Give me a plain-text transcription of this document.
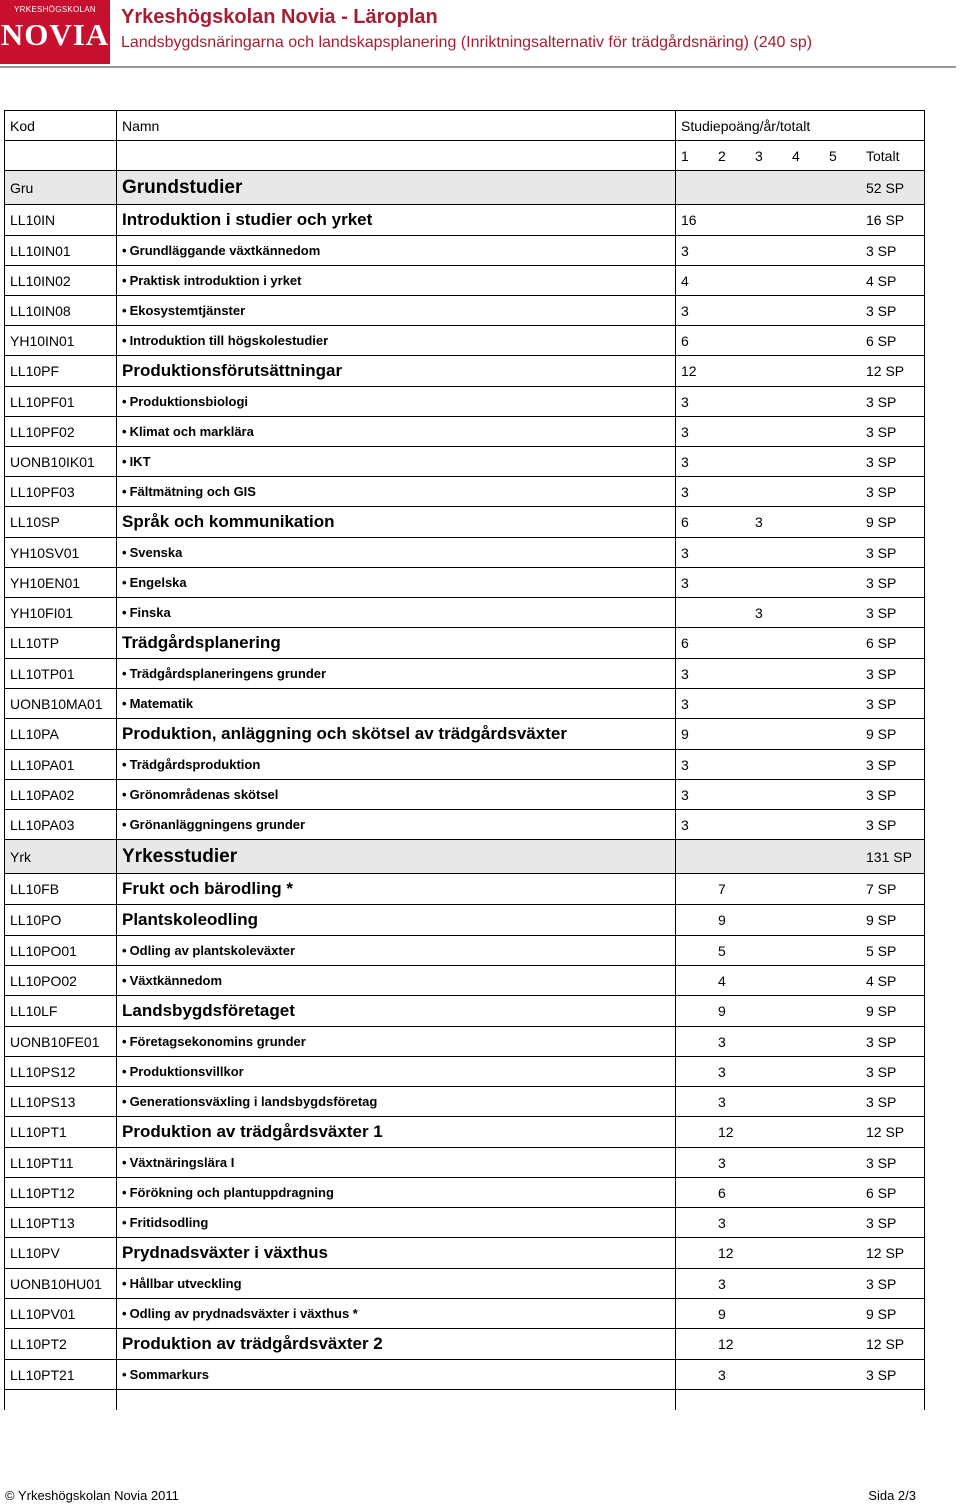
YRKESHÖGSKOLAN
NOVIA Yrkeshögskolan Novia - Läroplan
Landsbygdsnäringarna och landskapsplanering (Inriktningsalternativ för trädgårdsnäring) (240 sp)
Kod	Namn	Studiepoäng/år/totalt					
		1	2	3	4	5	Totalt
Gru	Grundstudier						52 SP
LL10IN	Introduktion i studier och yrket	16					16 SP
LL10IN01	• Grundläggande växtkännedom	3					3 SP
LL10IN02	• Praktisk introduktion i yrket	4					4 SP
LL10IN08	• Ekosystemtjänster	3					3 SP
YH10IN01	• Introduktion till högskolestudier	6					6 SP
LL10PF	Produktionsförutsättningar	12					12 SP
LL10PF01	• Produktionsbiologi	3					3 SP
LL10PF02	• Klimat och marklära	3					3 SP
UONB10IK01	• IKT	3					3 SP
LL10PF03	• Fältmätning och GIS	3					3 SP
LL10SP	Språk och kommunikation	6		3			9 SP
YH10SV01	• Svenska	3					3 SP
YH10EN01	• Engelska	3					3 SP
YH10FI01	• Finska			3			3 SP
LL10TP	Trädgårdsplanering	6					6 SP
LL10TP01	• Trädgårdsplaneringens grunder	3					3 SP
UONB10MA01	• Matematik	3					3 SP
LL10PA	Produktion, anläggning och skötsel av trädgårdsväxter	9					9 SP
LL10PA01	• Trädgårdsproduktion	3					3 SP
LL10PA02	• Grönområdenas skötsel	3					3 SP
LL10PA03	• Grönanläggningens grunder	3					3 SP
Yrk	Yrkesstudier						131 SP
LL10FB	Frukt och bärodling *		7				7 SP
LL10PO	Plantskoleodling		9				9 SP
LL10PO01	• Odling av plantskoleväxter		5				5 SP
LL10PO02	• Växtkännedom		4				4 SP
LL10LF	Landsbygdsföretaget		9				9 SP
UONB10FE01	• Företagsekonomins grunder		3				3 SP
LL10PS12	• Produktionsvillkor		3				3 SP
LL10PS13	• Generationsväxling i landsbygdsföretag		3				3 SP
LL10PT1	Produktion av trädgårdsväxter 1		12				12 SP
LL10PT11	• Växtnäringslära I		3				3 SP
LL10PT12	• Förökning och plantuppdragning		6				6 SP
LL10PT13	• Fritidsodling		3				3 SP
LL10PV	Prydnadsväxter i växthus		12				12 SP
UONB10HU01	• Hållbar utveckling		3				3 SP
LL10PV01	• Odling av prydnadsväxter i växthus *		9				9 SP
LL10PT2	Produktion av trädgårdsväxter 2		12				12 SP
LL10PT21	• Sommarkurs		3				3 SP

© Yrkeshögskolan Novia 2011	Sida 2/3
